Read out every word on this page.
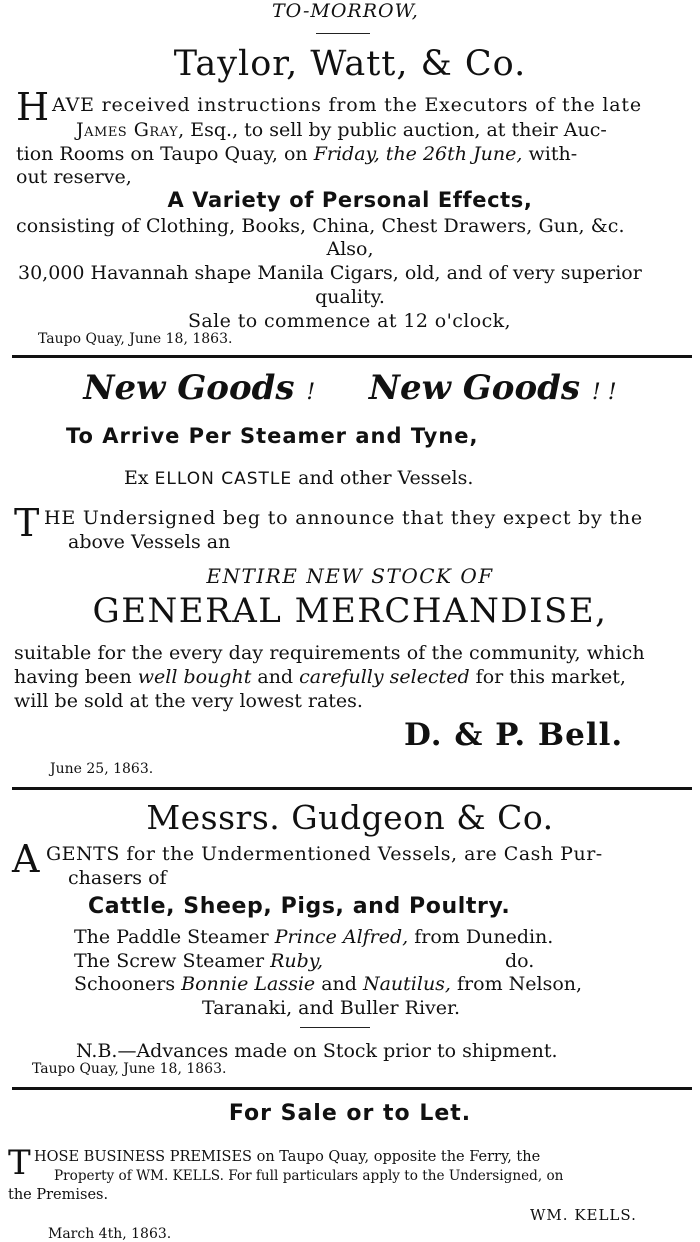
TO-MORROW,
Taylor, Watt, & Co.
H AVE received instructions from the Executors of the late
James Gray, Esq., to sell by public auction, at their Auc-
tion Rooms on Taupo Quay, on Friday, the 26th June, with-
out reserve,
A Variety of Personal Effects,
consisting of Clothing, Books, China, Chest Drawers, Gun, &c.
Also,
30,000 Havannah shape Manila Cigars, old, and of very superior
quality.
Sale to commence at 12 o'clock,
Taupo Quay, June 18, 1863.
New Goods ! New Goods ! !
To Arrive Per Steamer and Tyne,
Ex ELLON CASTLE and other Vessels.
T HE Undersigned beg to announce that they expect by the
above Vessels an
ENTIRE NEW STOCK OF
GENERAL MERCHANDISE,
suitable for the every day requirements of the community, which
having been well bought and carefully selected for this market,
will be sold at the very lowest rates.
D. & P. Bell.
June 25, 1863.
Messrs. Gudgeon & Co.
A GENTS for the Undermentioned Vessels, are Cash Pur-
chasers of
Cattle, Sheep, Pigs, and Poultry.
The Paddle Steamer Prince Alfred, from Dunedin.
The Screw Steamer Ruby,	do.
Schooners Bonnie Lassie and Nautilus, from Nelson,
Taranaki, and Buller River.
N.B.—Advances made on Stock prior to shipment.
Taupo Quay, June 18, 1863.
For Sale or to Let.
T HOSE BUSINESS PREMISES on Taupo Quay, opposite the Ferry, the
Property of WM. KELLS. For full particulars apply to the Undersigned, on
the Premises.
WM. KELLS.
March 4th, 1863.
